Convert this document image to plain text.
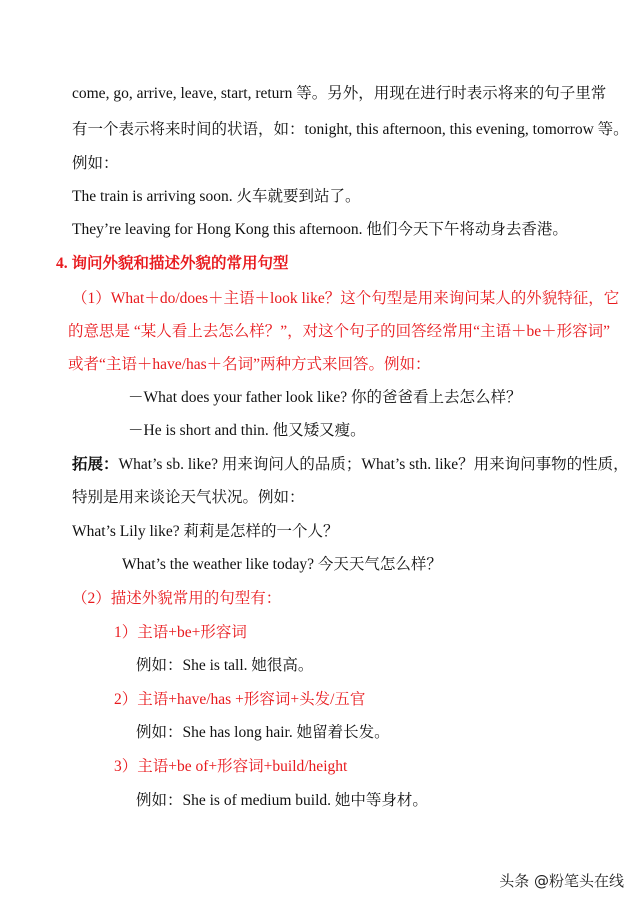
come, go, arrive, leave, start, return 等。另外，用现在进行时表示将来的句子里常
有一个表示将来时间的状语，如：tonight, this afternoon, this evening, tomorrow 等。
例如：
The train is arriving soon. 火车就要到站了。
They’re leaving for Hong Kong this afternoon. 他们今天下午将动身去香港。
4. 询问外貌和描述外貌的常用句型
（1）What＋do/does＋主语＋look like？这个句型是用来询问某人的外貌特征，它
的意思是 “某人看上去怎么样？”，对这个句子的回答经常用“主语＋be＋形容词”
或者“主语＋have/has＋名词”两种方式来回答。例如：
－What does your father look like? 你的爸爸看上去怎么样？
－He is short and thin. 他又矮又瘦。
拓展：What’s sb. like? 用来询问人的品质；What’s sth. like？用来询问事物的性质，
特别是用来谈论天气状况。例如：
What’s Lily like? 莉莉是怎样的一个人？
What’s the weather like today? 今天天气怎么样？
（2）描述外貌常用的句型有：
1）主语+be+形容词
例如：She is tall. 她很高。
2）主语+have/has +形容词+头发/五官
例如：She has long hair. 她留着长发。
3）主语+be of+形容词+build/height
例如：She is of medium build. 她中等身材。
头条 @粉笔头在线
